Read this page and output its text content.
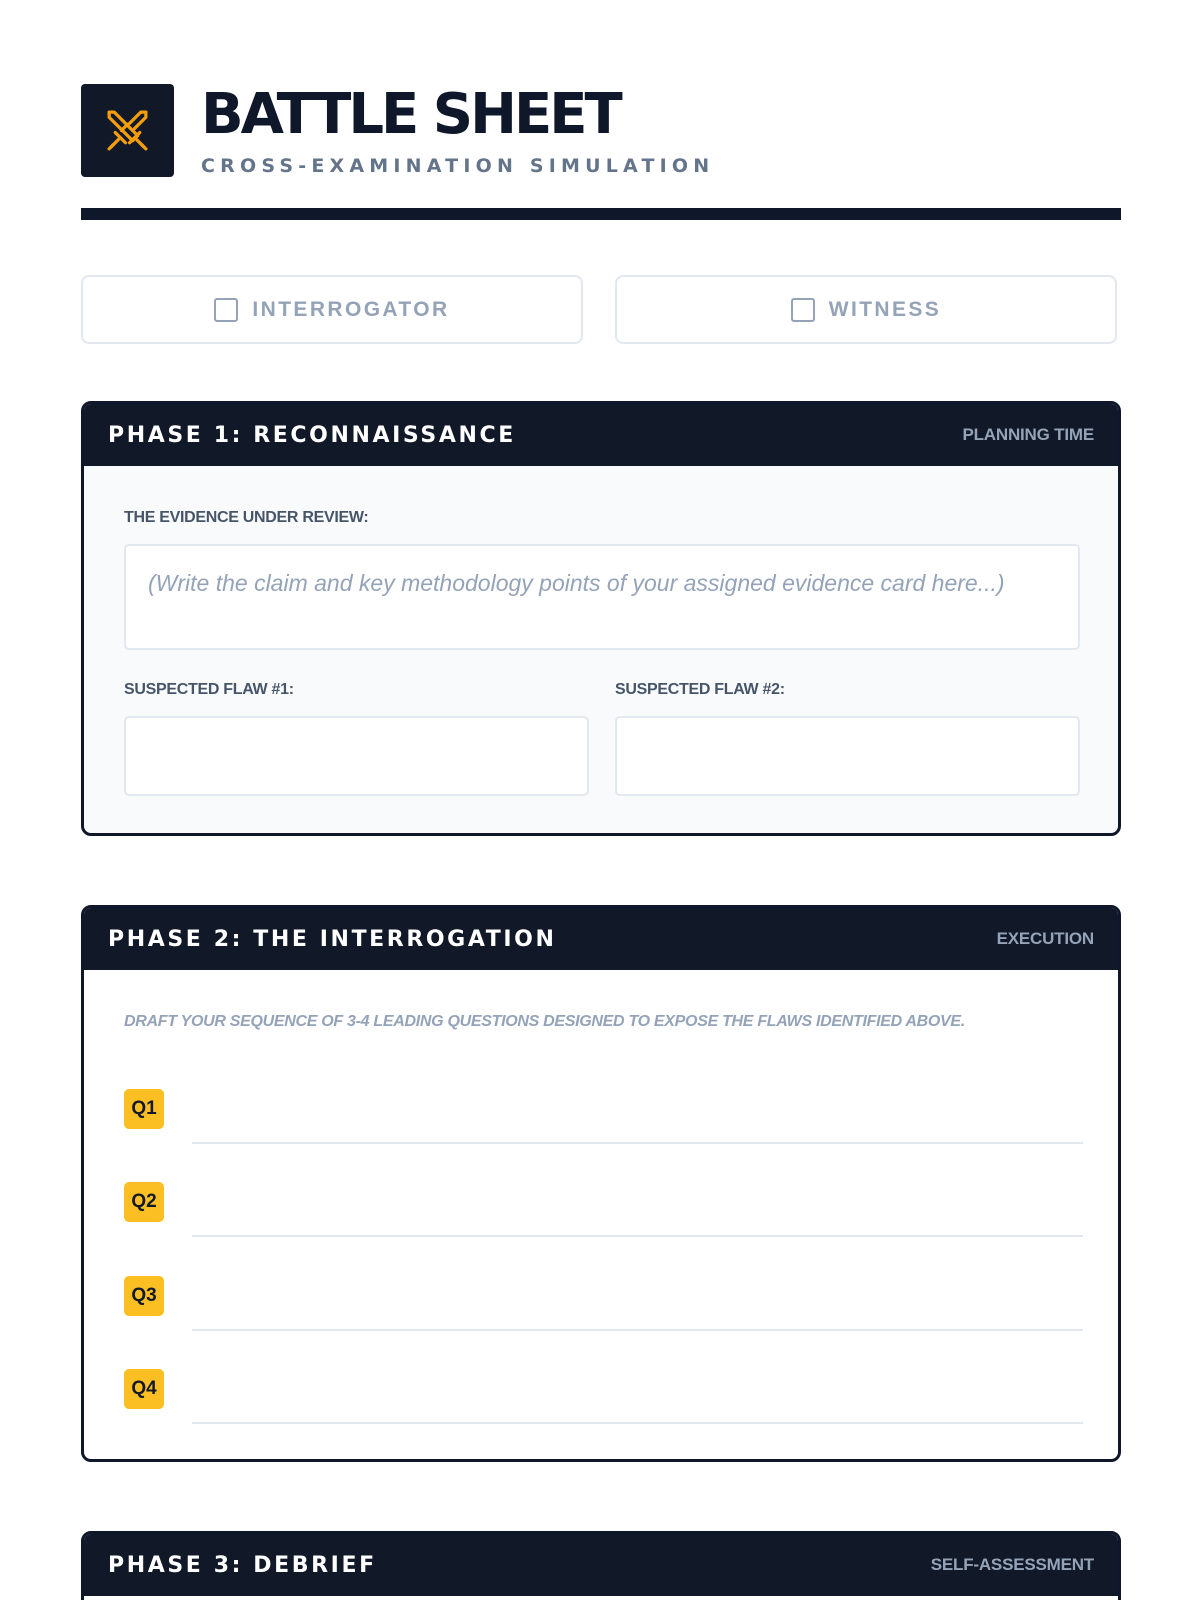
BATTLE SHEET
CROSS-EXAMINATION SIMULATION
INTERROGATOR	WITNESS
PHASE 1: RECONNAISSANCE	PLANNING TIME
THE EVIDENCE UNDER REVIEW:
(Write the claim and key methodology points of your assigned evidence card here...)
SUSPECTED FLAW #1:	SUSPECTED FLAW #2:
PHASE 2: THE INTERROGATION	EXECUTION
DRAFT YOUR SEQUENCE OF 3-4 LEADING QUESTIONS DESIGNED TO EXPOSE THE FLAWS IDENTIFIED ABOVE.
Q1
Q2
Q3
Q4
PHASE 3: DEBRIEF	SELF-ASSESSMENT
